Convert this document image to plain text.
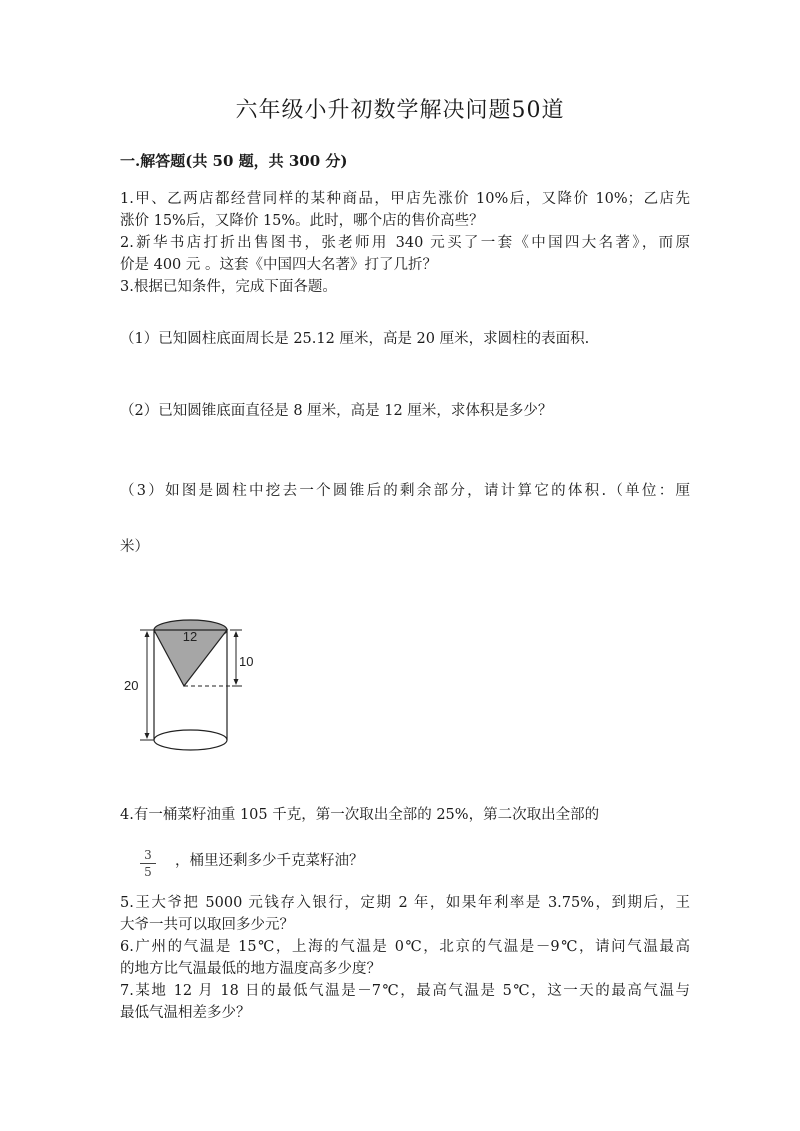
六年级小升初数学解决问题50道
一.解答题(共 50 题，共 300 分)
1.甲、乙两店都经营同样的某种商品，甲店先涨价 10%后，又降价 10%；乙店先
涨价 15%后，又降价 15%。此时，哪个店的售价高些？
2.新华书店打折出售图书，张老师用 340 元买了一套《中国四大名著》，而原
价是 400 元 。这套《中国四大名著》打了几折？
3.根据已知条件，完成下面各题。
（1）已知圆柱底面周长是 25.12 厘米，高是 20 厘米，求圆柱的表面积.
（2）已知圆锥底面直径是 8 厘米，高是 12 厘米，求体积是多少？
（3）如图是圆柱中挖去一个圆锥后的剩余部分，请计算它的体积.（单位：厘
米）
12
10
20
4.有一桶菜籽油重 105 千克，第一次取出全部的 25%，第二次取出全部的
3
5
，桶里还剩多少千克菜籽油？
5.王大爷把 5000 元钱存入银行，定期 2 年，如果年利率是 3.75%，到期后，王
大爷一共可以取回多少元？
6.广州的气温是 15℃，上海的气温是 0℃，北京的气温是－9℃，请问气温最高
的地方比气温最低的地方温度高多少度？
7.某地 12 月 18 日的最低气温是－7℃，最高气温是 5℃，这一天的最高气温与
最低气温相差多少？
